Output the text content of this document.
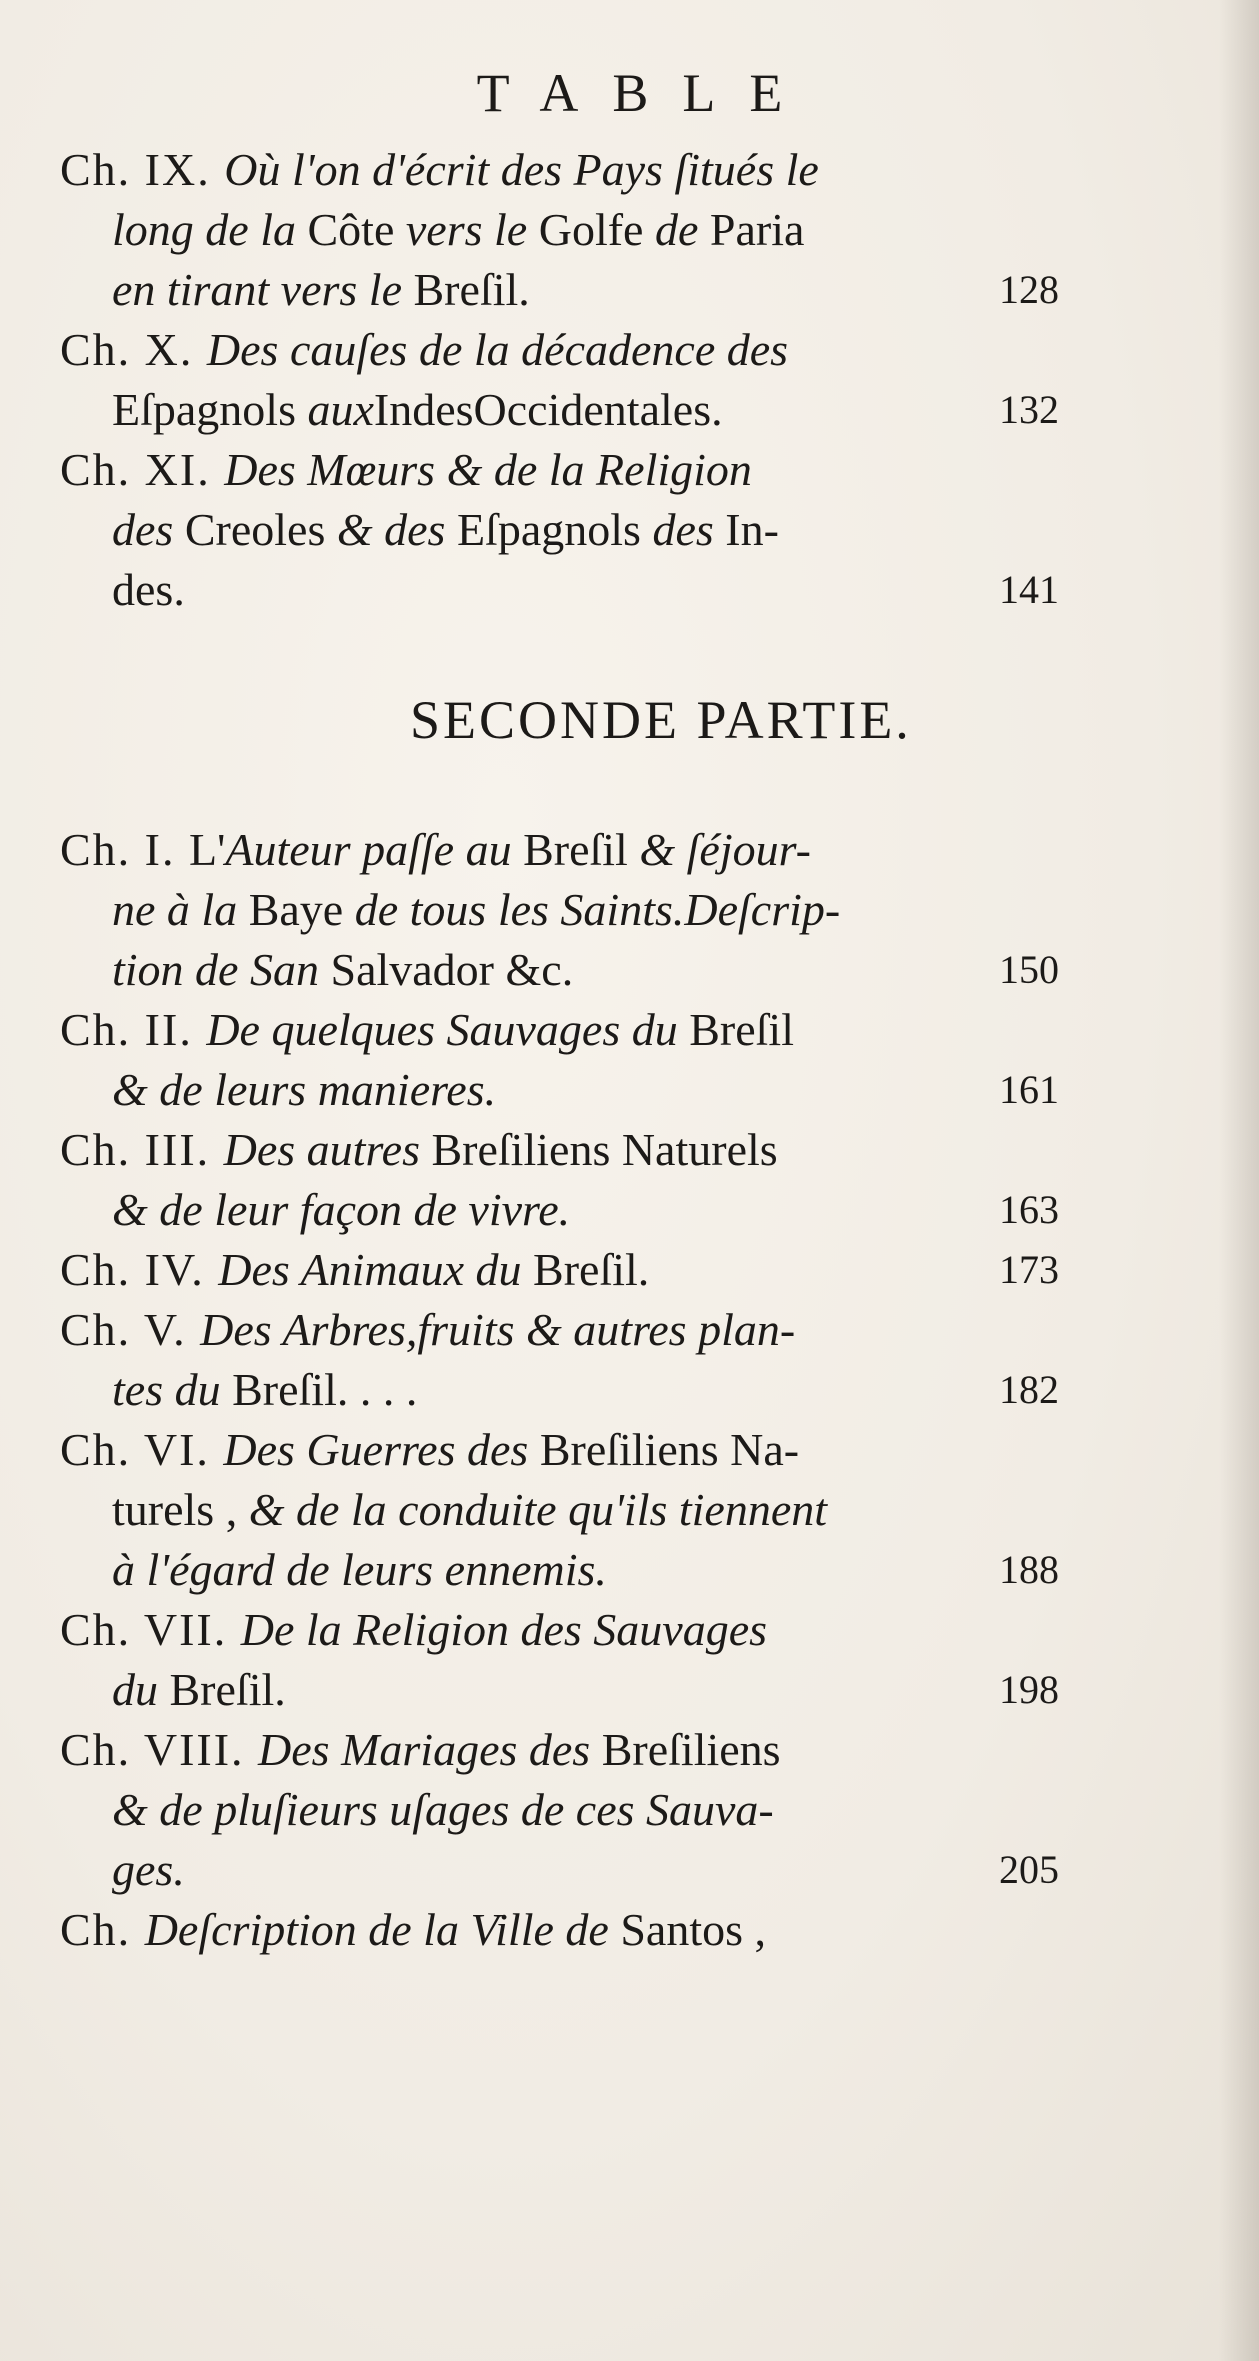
TABLE
Ch. IX. Où l'on d'écrit des Pays ſitués le
long de la Côte vers le Golfe de Paria
en tirant vers le Breſil.	128
Ch. X. Des cauſes de la décadence des
Eſpagnols auxIndesOccidentales.	132
Ch. XI. Des Mœurs & de la Religion
des Creoles & des Eſpagnols des In-
des.	141
SECONDE PARTIE.
Ch. I. L'Auteur paſſe au Breſil & ſéjour-
ne à la Baye de tous les Saints.Deſcrip-
tion de San Salvador &c.	150
Ch. II. De quelques Sauvages du Breſil
& de leurs manieres.	161
Ch. III. Des autres Breſiliens Naturels
& de leur façon de vivre.	163
Ch. IV. Des Animaux du Breſil.	173
Ch. V. Des Arbres,fruits & autres plan-
tes du Breſil. . . .	182
Ch. VI. Des Guerres des Breſiliens Na-
turels , & de la conduite qu'ils tiennent
à l'égard de leurs ennemis.	188
Ch. VII. De la Religion des Sauvages
du Breſil.	198
Ch. VIII. Des Mariages des Breſiliens
& de pluſieurs uſages de ces Sauva-
ges.	205
Ch. Deſcription de la Ville de Santos ,
